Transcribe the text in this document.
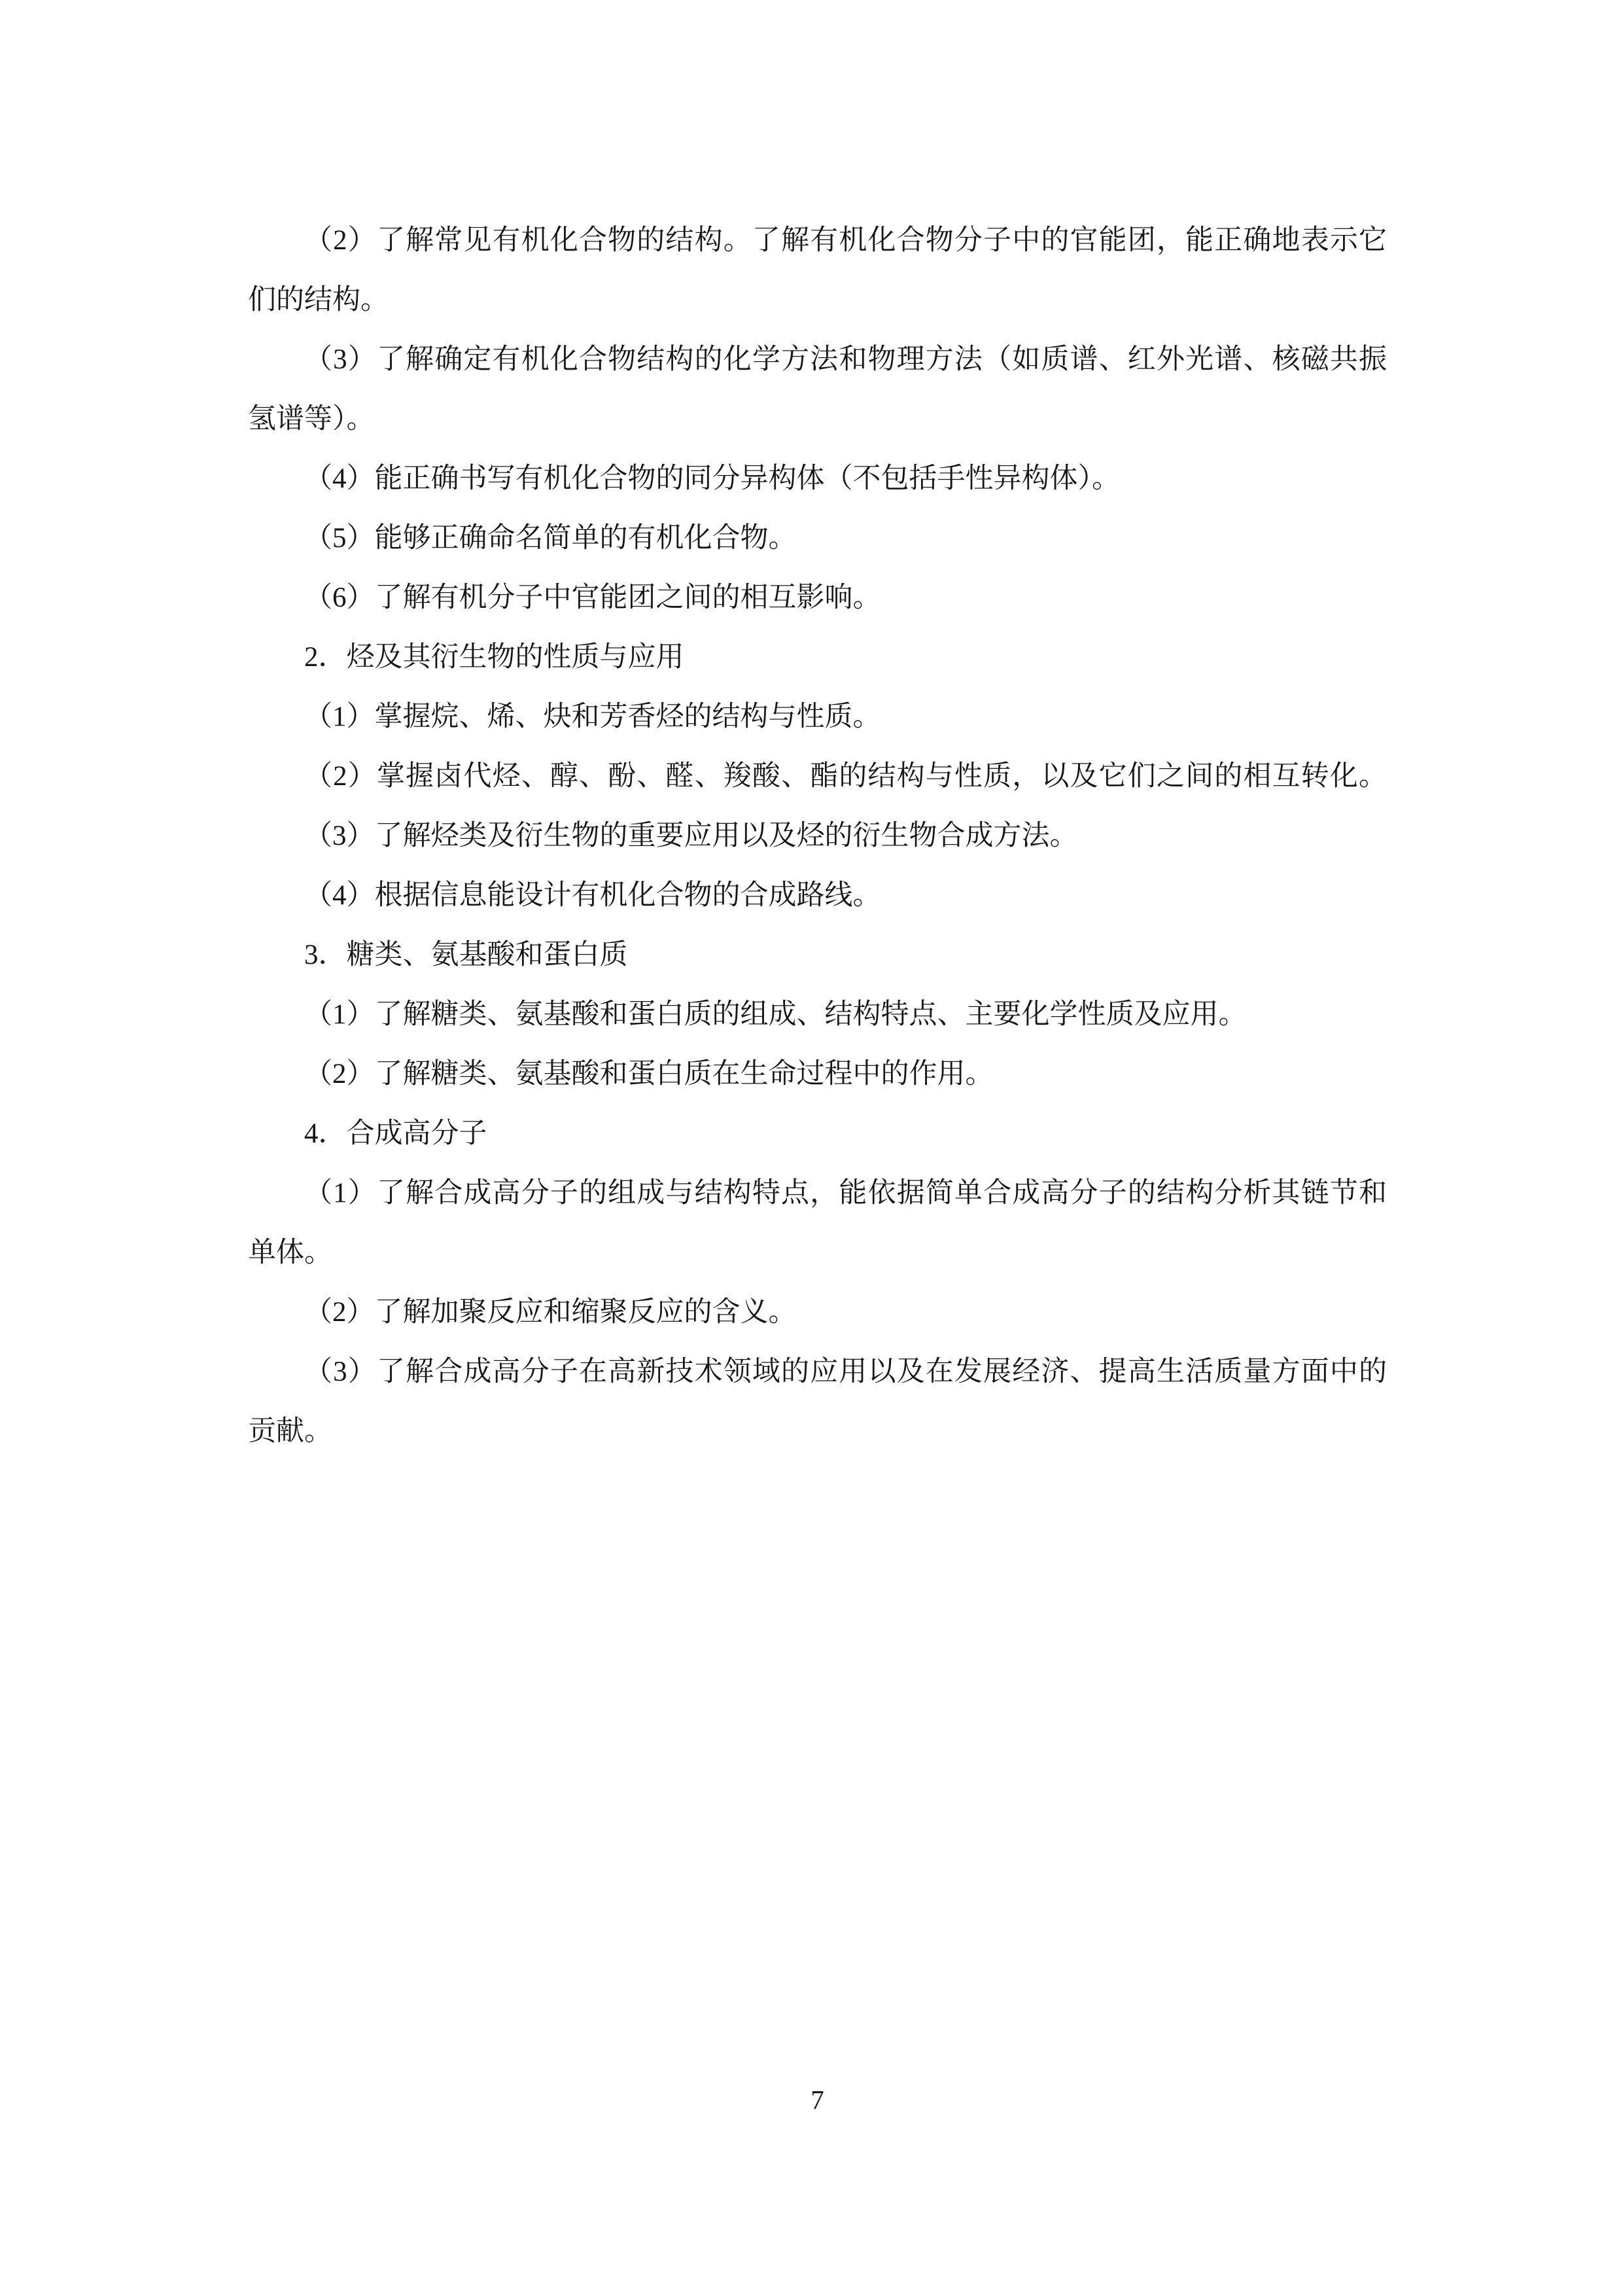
（2）了解常见有机化合物的结构。了解有机化合物分子中的官能团，能正确地表示它
们的结构。
（3）了解确定有机化合物结构的化学方法和物理方法（如质谱、红外光谱、核磁共振
氢谱等）。
（4）能正确书写有机化合物的同分异构体（不包括手性异构体）。
（5）能够正确命名简单的有机化合物。
（6）了解有机分子中官能团之间的相互影响。
2．烃及其衍生物的性质与应用
（1）掌握烷、烯、炔和芳香烃的结构与性质。
（2）掌握卤代烃、醇、酚、醛、羧酸、酯的结构与性质，以及它们之间的相互转化。
（3）了解烃类及衍生物的重要应用以及烃的衍生物合成方法。
（4）根据信息能设计有机化合物的合成路线。
3．糖类、氨基酸和蛋白质
（1）了解糖类、氨基酸和蛋白质的组成、结构特点、主要化学性质及应用。
（2）了解糖类、氨基酸和蛋白质在生命过程中的作用。
4．合成高分子
（1）了解合成高分子的组成与结构特点，能依据简单合成高分子的结构分析其链节和
单体。
（2）了解加聚反应和缩聚反应的含义。
（3）了解合成高分子在高新技术领域的应用以及在发展经济、提高生活质量方面中的
贡献。
7
